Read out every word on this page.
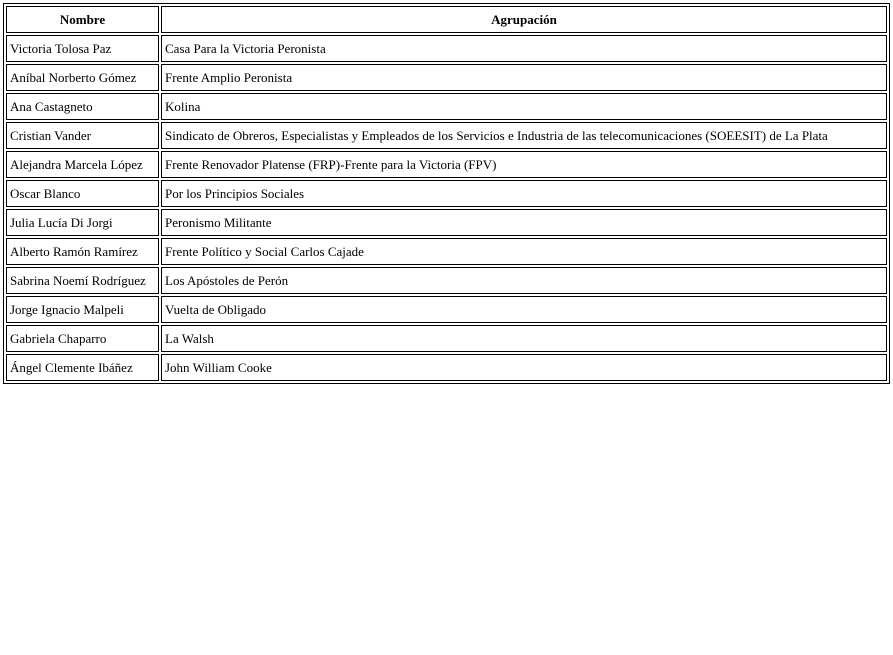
Nombre	Agrupación
Victoria Tolosa Paz	Casa Para la Victoria Peronista
Aníbal Norberto Gómez	Frente Amplio Peronista
Ana Castagneto	Kolina
Cristian Vander	Sindicato de Obreros, Especialistas y Empleados de los Servicios e Industria de las telecomunicaciones (SOEESIT) de La Plata
Alejandra Marcela López	Frente Renovador Platense (FRP)-Frente para la Victoria (FPV)
Oscar Blanco	Por los Principios Sociales
Julia Lucía Di Jorgi	Peronismo Militante
Alberto Ramón Ramírez	Frente Político y Social Carlos Cajade
Sabrina Noemí Rodríguez	Los Apóstoles de Perón
Jorge Ignacio Malpeli	Vuelta de Obligado
Gabriela Chaparro	La Walsh
Ángel Clemente Ibáñez	John William Cooke
